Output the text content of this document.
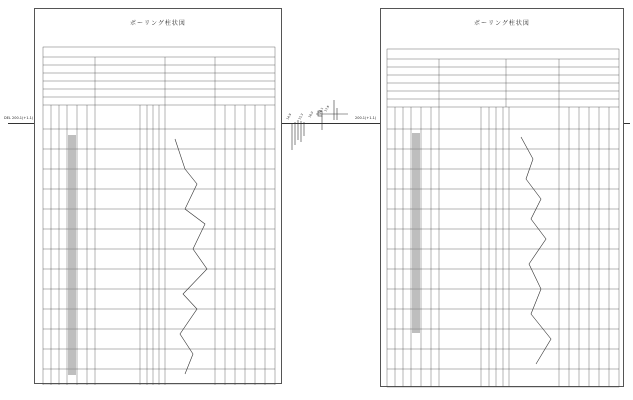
DEL 200.1(+1.1)	200.1(+1.1)
14.9 15.3 16.0
16.1 17.6
ボーリング柱状図	ボーリング柱状図
